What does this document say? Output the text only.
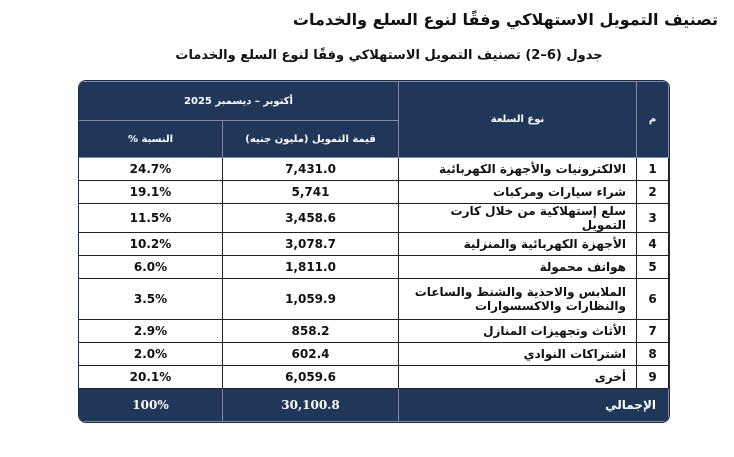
تصنيف التمويل الاستهلاكي وفقًا لنوع السلع والخدمات
جدول (6–2) تصنيف التمويل الاستهلاكي وفقًا لنوع السلع والخدمات
م	نوع السلعة	أكتوبر – ديسمبر 2025	
		قيمة التمويل (مليون جنيه)	النسبة %
1	الالكترونيات والأجهزة الكهربائية	7,431.0	24.7%
2	شراء سيارات ومركبات	5,741	19.1%
3	سلع إستهلاكية من خلال كارت التمويل	3,458.6	11.5%
4	الأجهزة الكهربائية والمنزلية	3,078.7	10.2%
5	هواتف محمولة	1,811.0	6.0%
6	الملابس والاحذية والشنط والساعات والنظارات والاكسسوارات	1,059.9	3.5%
7	الأثاث وتجهيزات المنازل	858.2	2.9%
8	اشتراكات النوادي	602.4	2.0%
9	أخرى	6,059.6	20.1%
الإجمالي		30,100.8	100%
